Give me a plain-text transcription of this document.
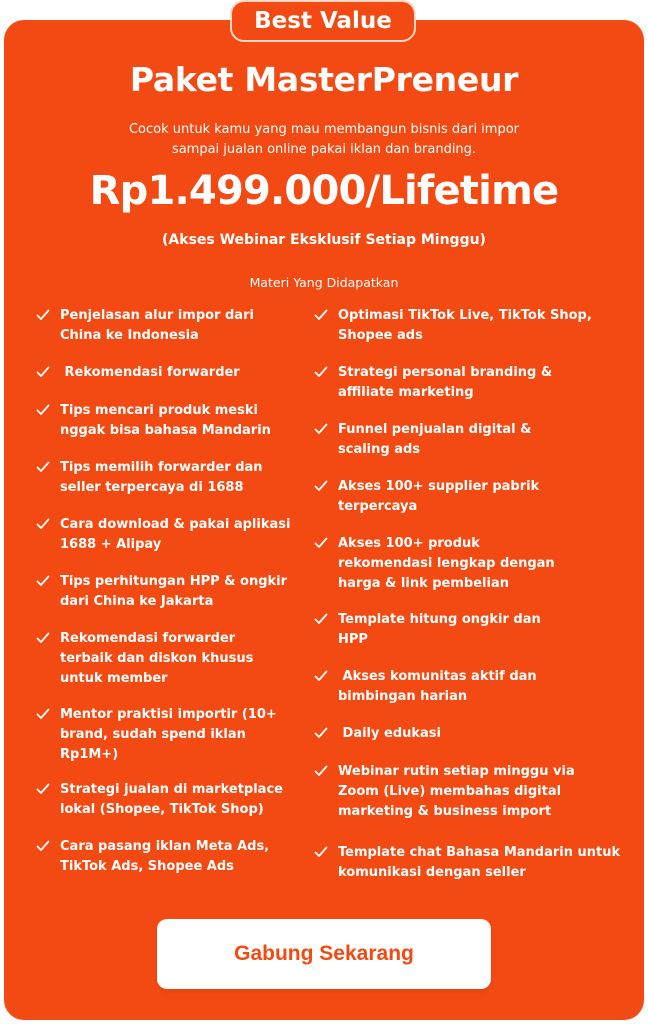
Paket MasterPreneur
Cocok untuk kamu yang mau membangun bisnis dari impor
sampai jualan online pakai iklan dan branding.
Rp1.499.000/Lifetime
(Akses Webinar Eksklusif Setiap Minggu)
Materi Yang Didapatkan
Penjelasan alur impor dari China ke Indonesia
Rekomendasi forwarder
Tips mencari produk meski nggak bisa bahasa Mandarin
Tips memilih forwarder dan seller terpercaya di 1688
Cara download & pakai aplikasi 1688 + Alipay
Tips perhitungan HPP & ongkir dari China ke Jakarta
Rekomendasi forwarder terbaik dan diskon khusus untuk member
Mentor praktisi importir (10+ brand, sudah spend iklan Rp1M+)
Strategi jualan di marketplace lokal (Shopee, TikTok Shop)
Cara pasang iklan Meta Ads, TikTok Ads, Shopee Ads
Optimasi TikTok Live, TikTok Shop, Shopee ads
Strategi personal branding & affiliate marketing
Funnel penjualan digital & scaling ads
Akses 100+ supplier pabrik terpercaya
Akses 100+ produk rekomendasi lengkap dengan harga & link pembelian
Template hitung ongkir dan HPP
Akses komunitas aktif dan bimbingan harian
Daily edukasi
Webinar rutin setiap minggu via Zoom (Live) membahas digital marketing & business import
Template chat Bahasa Mandarin untuk komunikasi dengan seller
Gabung Sekarang
Best Value
